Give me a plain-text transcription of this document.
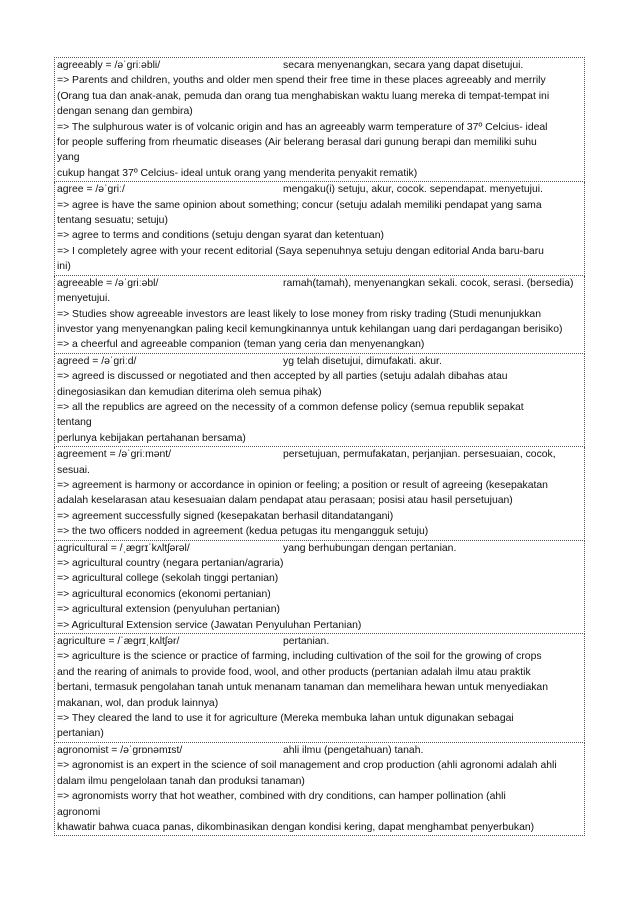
agreeably = /əˈɡriːəbli/	secara menyenangkan, secara yang dapat disetujui.
=> Parents and children, youths and older men spend their free time in these places agreeably and merrily
(Orang tua dan anak-anak, pemuda dan orang tua menghabiskan waktu luang mereka di tempat-tempat ini
dengan senang dan gembira)
=> The sulphurous water is of volcanic origin and has an agreeably warm temperature of 37º Celcius- ideal
for people suffering from rheumatic diseases (Air belerang berasal dari gunung berapi dan memiliki suhu
yang
cukup hangat 37º Celcius- ideal untuk orang yang menderita penyakit rematik)
agree = /əˈɡriː/	mengaku(i) setuju, akur, cocok. sependapat. menyetujui.
=> agree is have the same opinion about something; concur (setuju adalah memiliki pendapat yang sama
tentang sesuatu; setuju)
=> agree to terms and conditions (setuju dengan syarat dan ketentuan)
=> I completely agree with your recent editorial (Saya sepenuhnya setuju dengan editorial Anda baru-baru
ini)
agreeable = /əˈɡriːəbl/	ramah(tamah), menyenangkan sekali. cocok, serasi. (bersedia)
menyetujui.
=> Studies show agreeable investors are least likely to lose money from risky trading (Studi menunjukkan
investor yang menyenangkan paling kecil kemungkinannya untuk kehilangan uang dari perdagangan berisiko)
=> a cheerful and agreeable companion (teman yang ceria dan menyenangkan)
agreed = /əˈɡriːd/	yg telah disetujui, dimufakati. akur.
=> agreed is discussed or negotiated and then accepted by all parties (setuju adalah dibahas atau
dinegosiasikan dan kemudian diterima oleh semua pihak)
=> all the republics are agreed on the necessity of a common defense policy (semua republik sepakat
tentang
perlunya kebijakan pertahanan bersama)
agreement = /əˈɡriːmənt/	persetujuan, permufakatan, perjanjian. persesuaian, cocok,
sesuai.
=> agreement is harmony or accordance in opinion or feeling; a position or result of agreeing (kesepakatan
adalah keselarasan atau kesesuaian dalam pendapat atau perasaan; posisi atau hasil persetujuan)
=> agreement successfully signed (kesepakatan berhasil ditandatangani)
=> the two officers nodded in agreement (kedua petugas itu mengangguk setuju)
agricultural = /ˌæɡrɪˈkʌltʃərəl/	yang berhubungan dengan pertanian.
=> agricultural country (negara pertanian/agraria)
=> agricultural college (sekolah tinggi pertanian)
=> agricultural economics (ekonomi pertanian)
=> agricultural extension (penyuluhan pertanian)
=> Agricultural Extension service (Jawatan Penyuluhan Pertanian)
agriculture = /ˈæɡrɪˌkʌltʃər/	pertanian.
=> agriculture is the science or practice of farming, including cultivation of the soil for the growing of crops
and the rearing of animals to provide food, wool, and other products (pertanian adalah ilmu atau praktik
bertani, termasuk pengolahan tanah untuk menanam tanaman dan memelihara hewan untuk menyediakan
makanan, wol, dan produk lainnya)
=> They cleared the land to use it for agriculture (Mereka membuka lahan untuk digunakan sebagai
pertanian)
agronomist = /əˈɡrɒnəmɪst/	ahli ilmu (pengetahuan) tanah.
=> agronomist is an expert in the science of soil management and crop production (ahli agronomi adalah ahli
dalam ilmu pengelolaan tanah dan produksi tanaman)
=> agronomists worry that hot weather, combined with dry conditions, can hamper pollination (ahli
agronomi
khawatir bahwa cuaca panas, dikombinasikan dengan kondisi kering, dapat menghambat penyerbukan)
